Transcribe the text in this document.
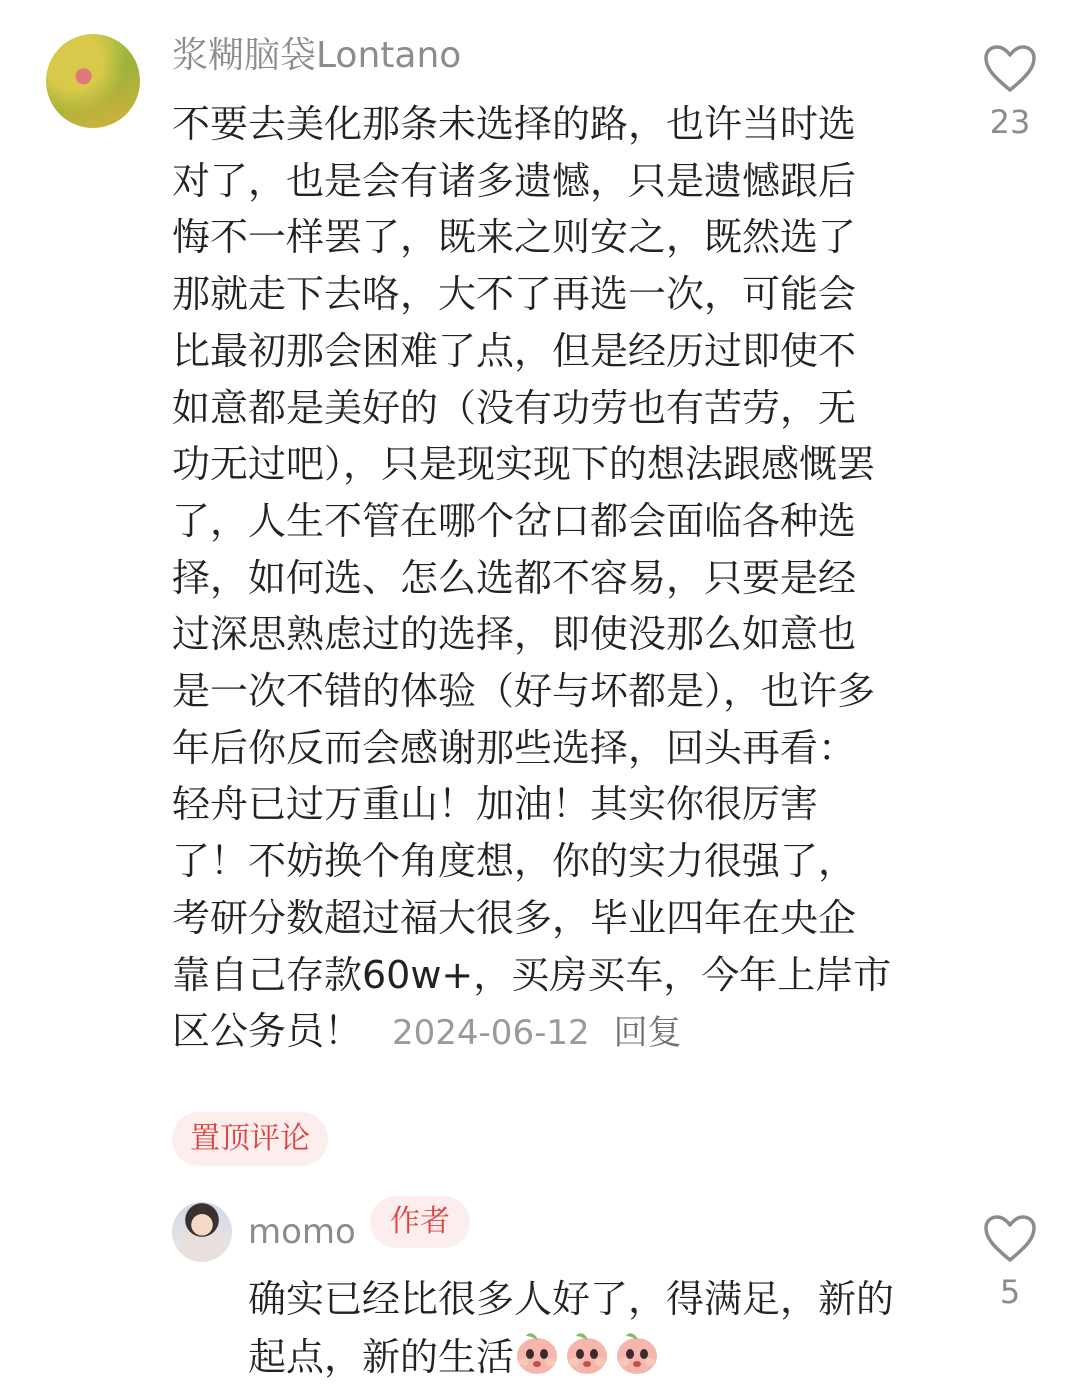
浆糊脑袋Lontano

不要去美化那条未选择的路，也许当时选对了，也是会有诸多遗憾，只是遗憾跟后悔不一样罢了，既来之则安之，既然选了那就走下去咯，大不了再选一次，可能会比最初那会困难了点，但是经历过即使不如意都是美好的（没有功劳也有苦劳，无功无过吧），只是现实现下的想法跟感慨罢了，人生不管在哪个岔口都会面临各种选择，如何选、怎么选都不容易，只要是经过深思熟虑过的选择，即使没那么如意也是一次不错的体验（好与坏都是），也许多年后你反而会感谢那些选择，回头再看：轻舟已过万重山！加油！其实你很厉害了！不妨换个角度想，你的实力很强了，考研分数超过福大很多，毕业四年在央企靠自己存款60w+，买房买车，今年上岸市区公务员！ 2024-06-12 回复

置顶评论
23
momo	作者

确实已经比很多人好了，得满足，新的起点，新的生活

5
